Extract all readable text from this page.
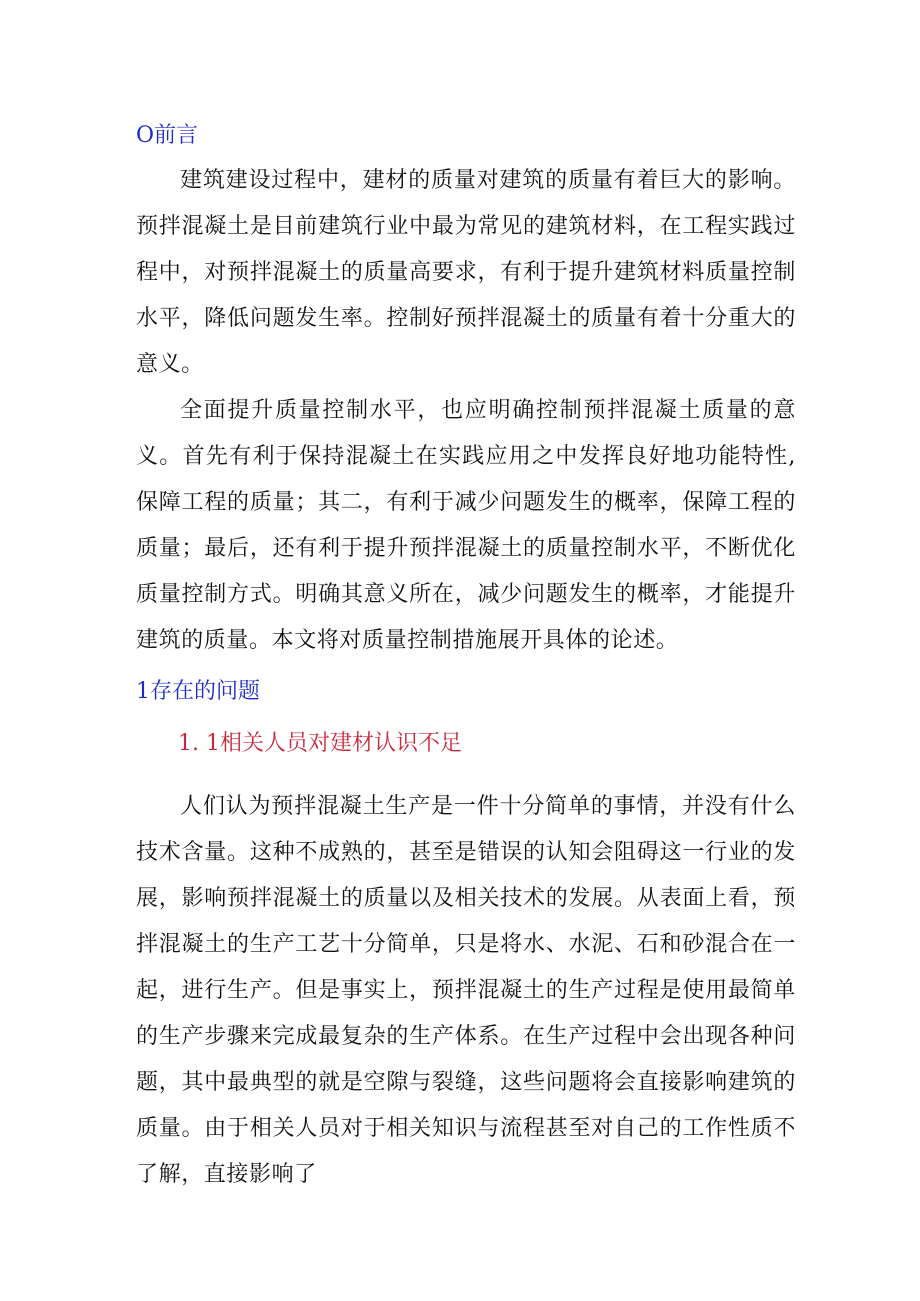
O前言

建筑建设过程中，建材的质量对建筑的质量有着巨大的影响。预拌混凝土是目前建筑行业中最为常见的建筑材料，在工程实践过程中，对预拌混凝土的质量高要求，有利于提升建筑材料质量控制水平，降低问题发生率。控制好预拌混凝土的质量有着十分重大的意义。

全面提升质量控制水平，也应明确控制预拌混凝土质量的意义。首先有利于保持混凝土在实践应用之中发挥良好地功能特性,保障工程的质量；其二，有利于减少问题发生的概率，保障工程的质量；最后，还有利于提升预拌混凝土的质量控制水平，不断优化质量控制方式。明确其意义所在，减少问题发生的概率，才能提升建筑的质量。本文将对质量控制措施展开具体的论述。

1存在的问题
1. 1相关人员对建材认识不足

人们认为预拌混凝土生产是一件十分简单的事情，并没有什么技术含量。这种不成熟的，甚至是错误的认知会阻碍这一行业的发展，影响预拌混凝土的质量以及相关技术的发展。从表面上看，预拌混凝土的生产工艺十分简单，只是将水、水泥、石和砂混合在一起，进行生产。但是事实上，预拌混凝土的生产过程是使用最简单的生产步骤来完成最复杂的生产体系。在生产过程中会出现各种问题，其中最典型的就是空隙与裂缝，这些问题将会直接影响建筑的质量。由于相关人员对于相关知识与流程甚至对自己的工作性质不了解，直接影响了
